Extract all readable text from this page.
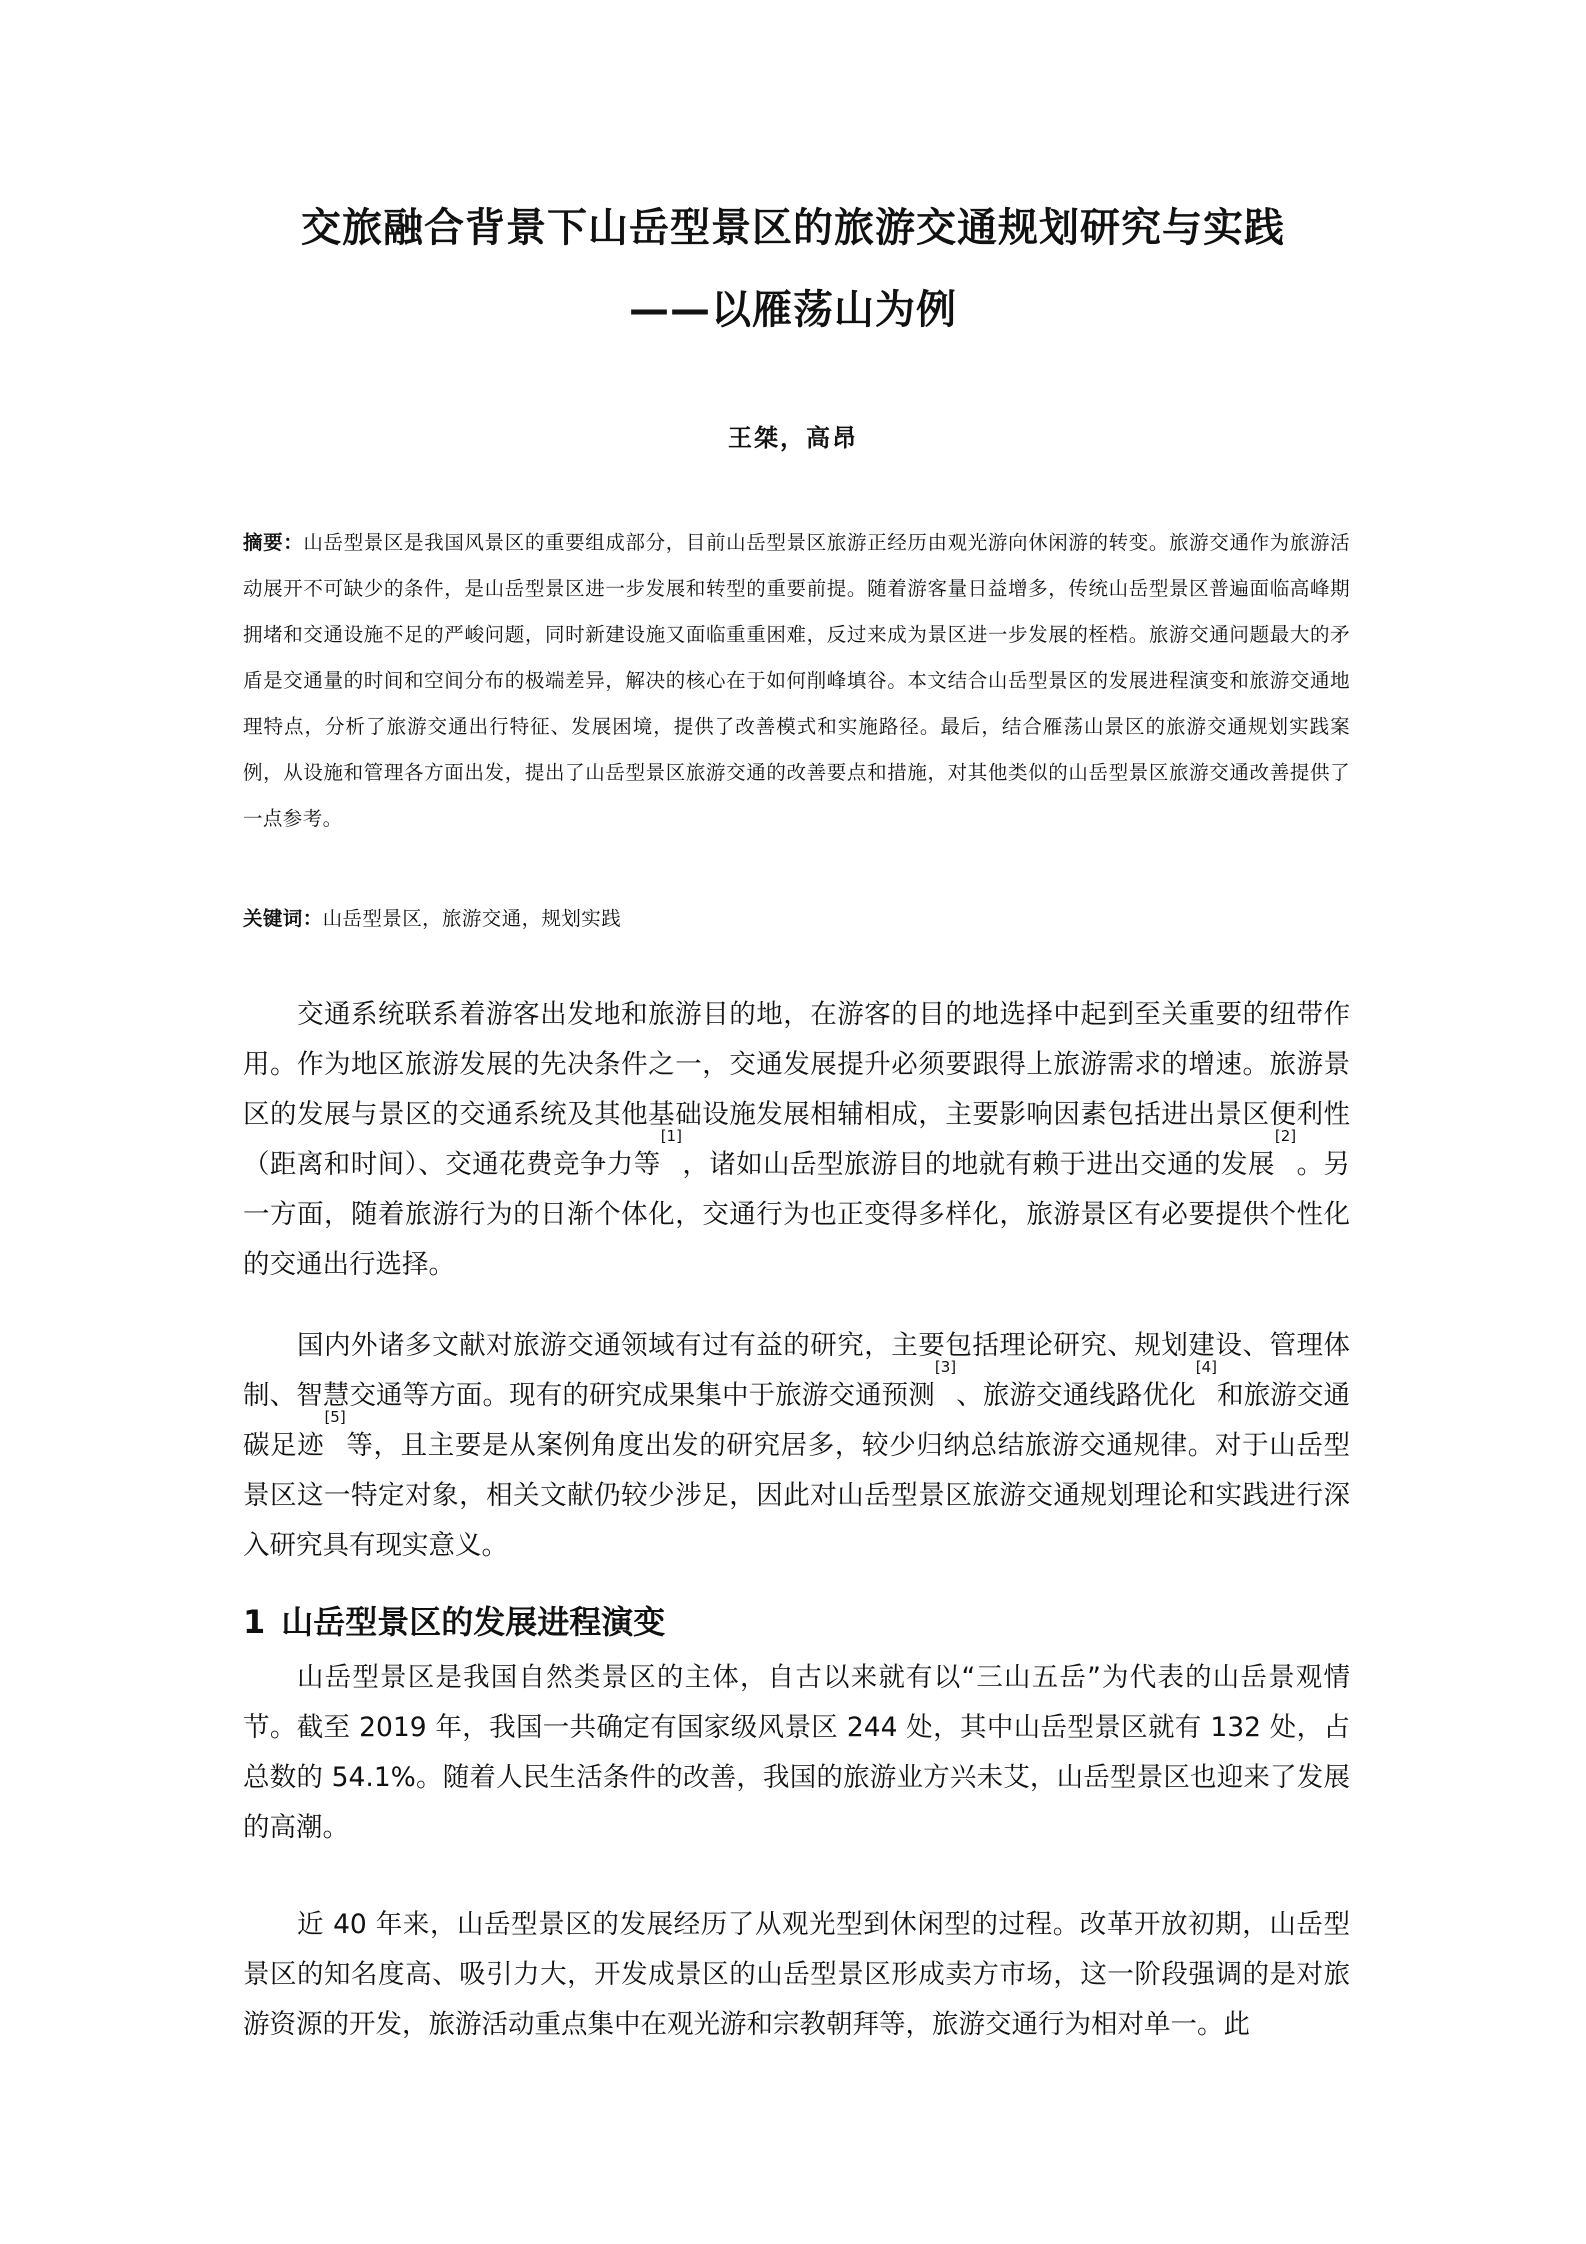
交旅融合背景下山岳型景区的旅游交通规划研究与实践
——以雁荡山为例
王桀，高昂
摘要：山岳型景区是我国风景区的重要组成部分，目前山岳型景区旅游正经历由观光游向休闲游的转变。旅游交通作为旅游活动展开不可缺少的条件，是山岳型景区进一步发展和转型的重要前提。随着游客量日益增多，传统山岳型景区普遍面临高峰期拥堵和交通设施不足的严峻问题，同时新建设施又面临重重困难，反过来成为景区进一步发展的桎梏。旅游交通问题最大的矛盾是交通量的时间和空间分布的极端差异，解决的核心在于如何削峰填谷。本文结合山岳型景区的发展进程演变和旅游交通地理特点，分析了旅游交通出行特征、发展困境，提供了改善模式和实施路径。最后，结合雁荡山景区的旅游交通规划实践案例，从设施和管理各方面出发，提出了山岳型景区旅游交通的改善要点和措施，对其他类似的山岳型景区旅游交通改善提供了一点参考。
关键词：山岳型景区，旅游交通，规划实践

交通系统联系着游客出发地和旅游目的地，在游客的目的地选择中起到至关重要的纽带作用。作为地区旅游发展的先决条件之一，交通发展提升必须要跟得上旅游需求的增速。旅游景区的发展与景区的交通系统及其他基础设施发展相辅相成，主要影响因素包括进出景区便利性（距离和时间）、交通花费竞争力等[1]，诸如山岳型旅游目的地就有赖于进出交通的发展[2]。另一方面，随着旅游行为的日渐个体化，交通行为也正变得多样化，旅游景区有必要提供个性化的交通出行选择。

国内外诸多文献对旅游交通领域有过有益的研究，主要包括理论研究、规划建设、管理体制、智慧交通等方面。现有的研究成果集中于旅游交通预测[3]、旅游交通线路优化[4]和旅游交通碳足迹[5]等，且主要是从案例角度出发的研究居多，较少归纳总结旅游交通规律。对于山岳型景区这一特定对象，相关文献仍较少涉足，因此对山岳型景区旅游交通规划理论和实践进行深入研究具有现实意义。

1 山岳型景区的发展进程演变

山岳型景区是我国自然类景区的主体，自古以来就有以“三山五岳”为代表的山岳景观情节。截至 2019 年，我国一共确定有国家级风景区 244 处，其中山岳型景区就有 132 处，占总数的 54.1%。随着人民生活条件的改善，我国的旅游业方兴未艾，山岳型景区也迎来了发展的高潮。

近 40 年来，山岳型景区的发展经历了从观光型到休闲型的过程。改革开放初期，山岳型景区的知名度高、吸引力大，开发成景区的山岳型景区形成卖方市场，这一阶段强调的是对旅游资源的开发，旅游活动重点集中在观光游和宗教朝拜等，旅游交通行为相对单一。此
